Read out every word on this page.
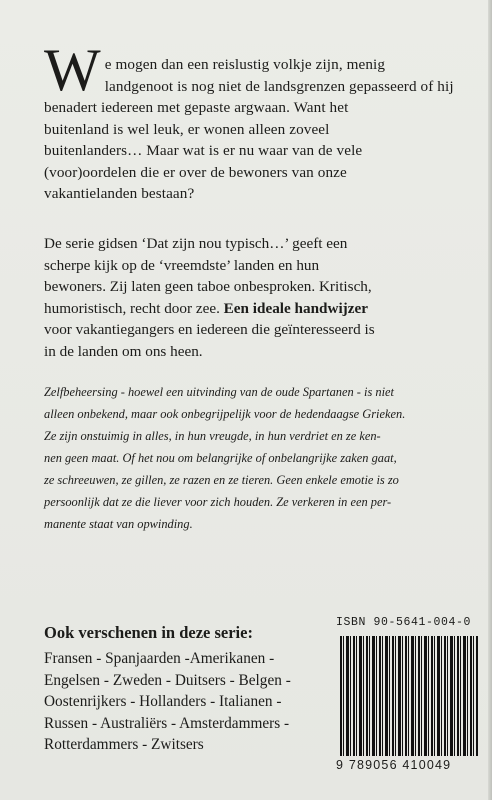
W e mogen dan een reislustig volkje zijn, menig

landgenoot is nog niet de landsgrenzen gepasseerd of hij

benadert iedereen met gepaste argwaan. Want het

buitenland is wel leuk, er wonen alleen zoveel

buitenlanders… Maar wat is er nu waar van de vele

(voor)oordelen die er over de bewoners van onze

vakantielanden bestaan?

De serie gidsen ‘Dat zijn nou typisch…’ geeft een
scherpe kijk op de ‘vreemdste’ landen en hun
bewoners. Zij laten geen taboe onbesproken. Kritisch,
humoristisch, recht door zee. Een ideale handwijzer
voor vakantiegangers en iedereen die geïnteresseerd is
in de landen om ons heen.
Zelfbeheersing - hoewel een uitvinding van de oude Spartanen - is niet
alleen onbekend, maar ook onbegrijpelijk voor de hedendaagse Grieken.
Ze zijn onstuimig in alles, in hun vreugde, in hun verdriet en ze ken-
nen geen maat. Of het nou om belangrijke of onbelangrijke zaken gaat,
ze schreeuwen, ze gillen, ze razen en ze tieren. Geen enkele emotie is zo
persoonlijk dat ze die liever voor zich houden. Ze verkeren in een per-
manente staat van opwinding.
Ook verschenen in deze serie:
Fransen - Spanjaarden -Amerikanen -
Engelsen - Zweden - Duitsers - Belgen -
Oostenrijkers - Hollanders - Italianen -
Russen - Australiërs - Amsterdammers -
Rotterdammers - Zwitsers
ISBN 90-5641-004-0
9 789056 410049
